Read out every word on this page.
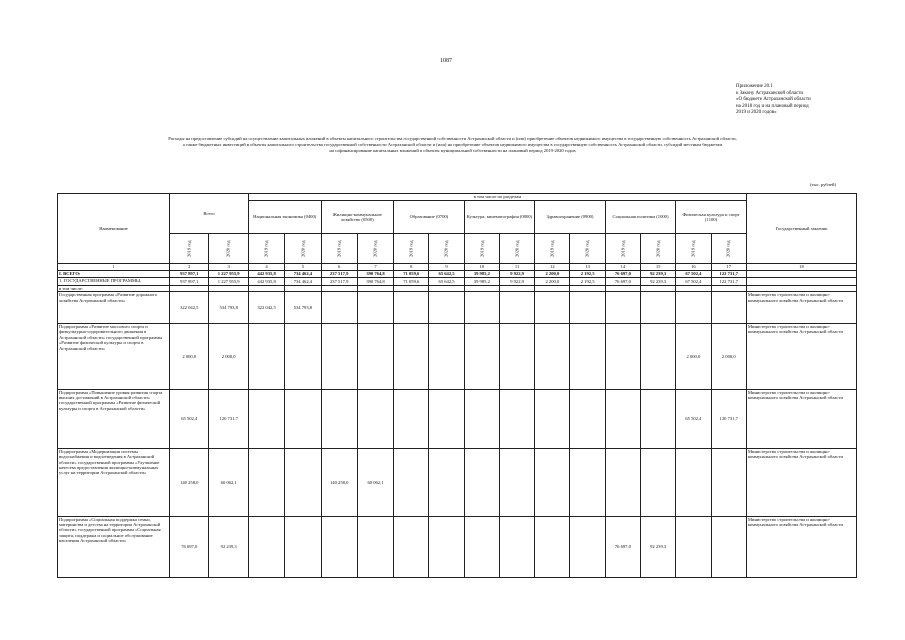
1087
Приложение 20.1
к Закону Астраханской области
«О бюджете Астраханской области
на 2018 год и на плановый период
2019 и 2020 годов»
Расходы на предоставление субсидий на осуществление капитальных вложений в объекты капитального строительства государственной собственности Астраханской области и (или) приобретение объектов недвижимого имущества в государственную собственность Астраханской области,
а также бюджетных инвестиций в объекты капитального строительства государственной собственности Астраханской области и (или) на приобретение объектов недвижимого имущества в государственную собственность Астраханской области, субсидий местным бюджетам
на софинансирование капитальных вложений в объекты муниципальной собственности на плановый период 2019-2020 годов
(тыс. рублей)
Наименование	Всего		в том числе по разделам														Государственный заказчик
			Национальная экономика (0400)		Жилищно-коммунальное хозяйство (0500)		Образование (0700)		Культура, кинематография (0800)		Здравоохранение (0900)		Социальная политика (1000)		Физическая культура и спорт (1100)		
	2019 год	2020 год	2019 год	2020 год	2019 год	2020 год	2019 год	2020 год	2019 год	2020 год	2019 год	2020 год	2019 год	2020 год	2019 год	2020 год	
1	2	3	4	5	6	7	8	9	10	11	12	13	14	15	16	17	18
I. ВСЕГО:	937 897,1	1 227 955,9	442 935,8	734 462,4	237 517,9	390 764,8	71 059,6	65 642,5	39 985,2	9 922,9	2 200,0	2 192,5	76 697,0	92 239,3	67 502,4	122 731,7	
1. ГОСУДАРСТВЕННЫЕ ПРОГРАММЫ,	937 897,1	1 227 955,9	442 935,8	734 462,4	237 517,9	390 764,8	71 059,6	65 642,5	39 985,2	9 922,9	2 200,0	2 192,5	76 697,0	92 239,3	67 502,4	122 731,7	
в том числе:																	
Государственная программа «Развитие дорожного хозяйства Астраханской области»	322 042,5	534 793,8	322 042,5	534 793,8													Министерство строительства и жилищно-коммунального хозяйства Астраханской области
Подпрограмма «Развитие массового спорта и физкультурно-оздоровительного движения в Астраханской области» государственной программы «Развитие физической культуры и спорта в Астраханской области»	2 000,0	2 000,0													2 000,0	2 000,0	Министерство строительства и жилищно-коммунального хозяйства Астраханской области
Подпрограмма «Повышение уровня развития спорта высших достижений в Астраханской области» государственной программы «Развитие физической культуры и спорта в Астраханской области»	65 502,4	120 731,7													65 502,4	120 731,7	Министерство строительства и жилищно-коммунального хозяйства Астраханской области
Подпрограмма «Модернизация системы водоснабжения и водоотведения в Астраханской области» государственной программы «Улучшение качества предоставления жилищно-коммунальных услуг на территории Астраханской области»	140 258,0	60 062,1			140 258,0	60 062,1											Министерство строительства и жилищно-коммунального хозяйства Астраханской области
Подпрограмма «Социальная поддержка семьи, материнства и детства на территории Астраханской области» государственной программы «Социальная защита, поддержка и социальное обслуживание населения Астраханской области»	76 697,0	92 239,3											76 697,0	92 239,3			Министерство строительства и жилищно-коммунального хозяйства Астраханской области
